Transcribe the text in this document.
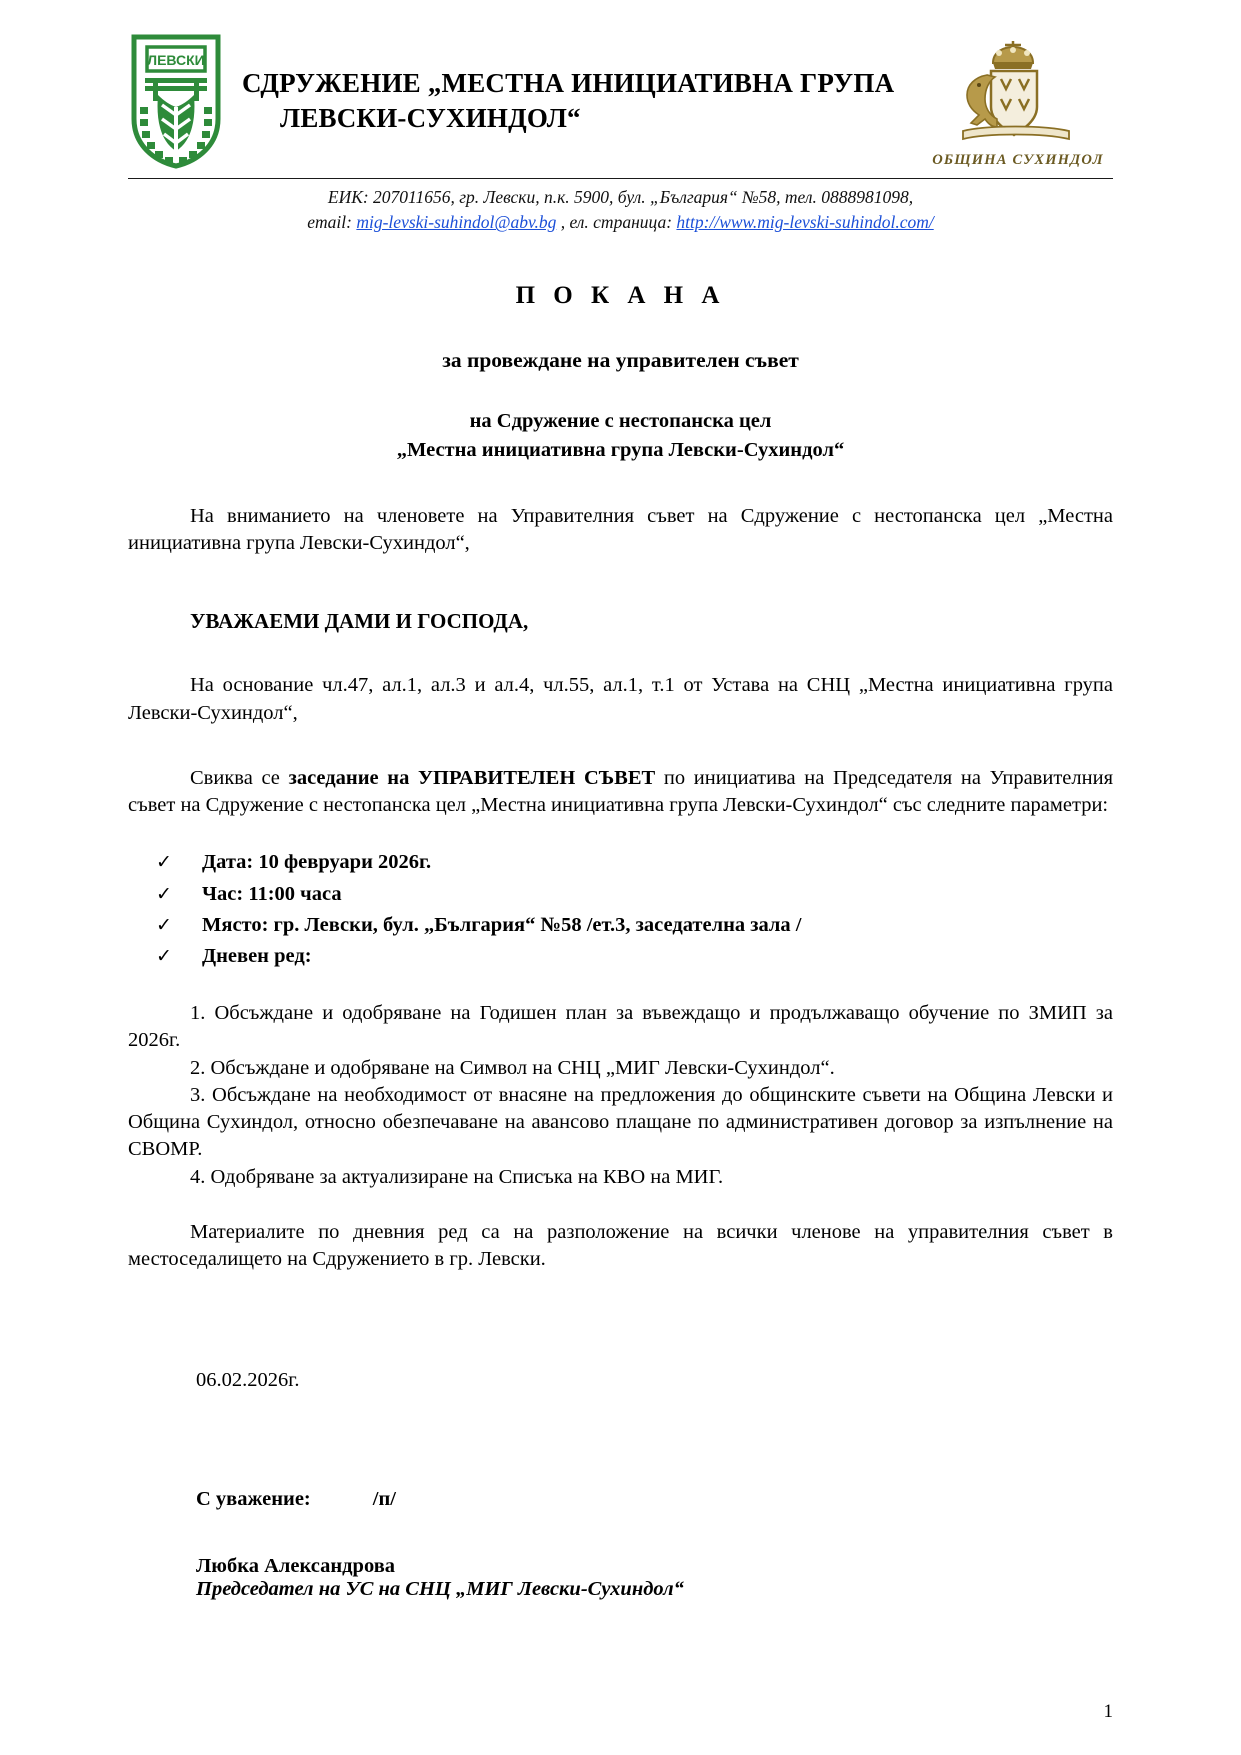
ЛЕВСКИ
СДРУЖЕНИЕ „МЕСТНА ИНИЦИАТИВНА ГРУПА
ЛЕВСКИ-СУХИНДОЛ“
ОБЩИНА СУХИНДОЛ
ЕИК: 207011656, гр. Левски, п.к. 5900, бул. „България“ №58, тел. 0888981098,
email: mig-levski-suhindol@abv.bg , ел. страница: http://www.mig-levski-suhindol.com/
П О К А Н А
за провеждане на управителен съвет
на Сдружение с нестопанска цел
„Местна инициативна група Левски-Сухиндол“

На вниманието на членовете на Управителния съвет на Сдружение с нестопанска цел „Местна инициативна група Левски-Сухиндол“,

УВАЖАЕМИ ДАМИ И ГОСПОДА,

На основание чл.47, ал.1, ал.3 и ал.4, чл.55, ал.1, т.1 от Устава на СНЦ „Местна инициативна група Левски-Сухиндол“,

Свиква се заседание на УПРАВИТЕЛЕН СЪВЕТ по инициатива на Председателя на Управителния съвет на Сдружение с нестопанска цел „Местна инициативна група Левски-Сухиндол“ със следните параметри:

✓	Дата: 10 февруари 2026г.
✓	Час: 11:00 часа
✓	Място: гр. Левски, бул. „България“ №58 /ет.3, заседателна зала /
✓	Дневен ред:

1. Обсъждане и одобряване на Годишен план за въвеждащо и продължаващо обучение по ЗМИП за 2026г.

2. Обсъждане и одобряване на Символ на СНЦ „МИГ Левски-Сухиндол“.

3. Обсъждане на необходимост от внасяне на предложения до общинските съвети на Община Левски и Община Сухиндол, относно обезпечаване на авансово плащане по административен договор за изпълнение на СВОМР.

4. Одобряване за актуализиране на Списъка на КВО на МИГ.

Материалите по дневния ред са на разположение на всички членове на управителния съвет в местоседалището на Сдружението в гр. Левски.

06.02.2026г.
С уважение:	/п/
Любка Александрова
Председател на УС на СНЦ „МИГ Левски-Сухиндол“
1
